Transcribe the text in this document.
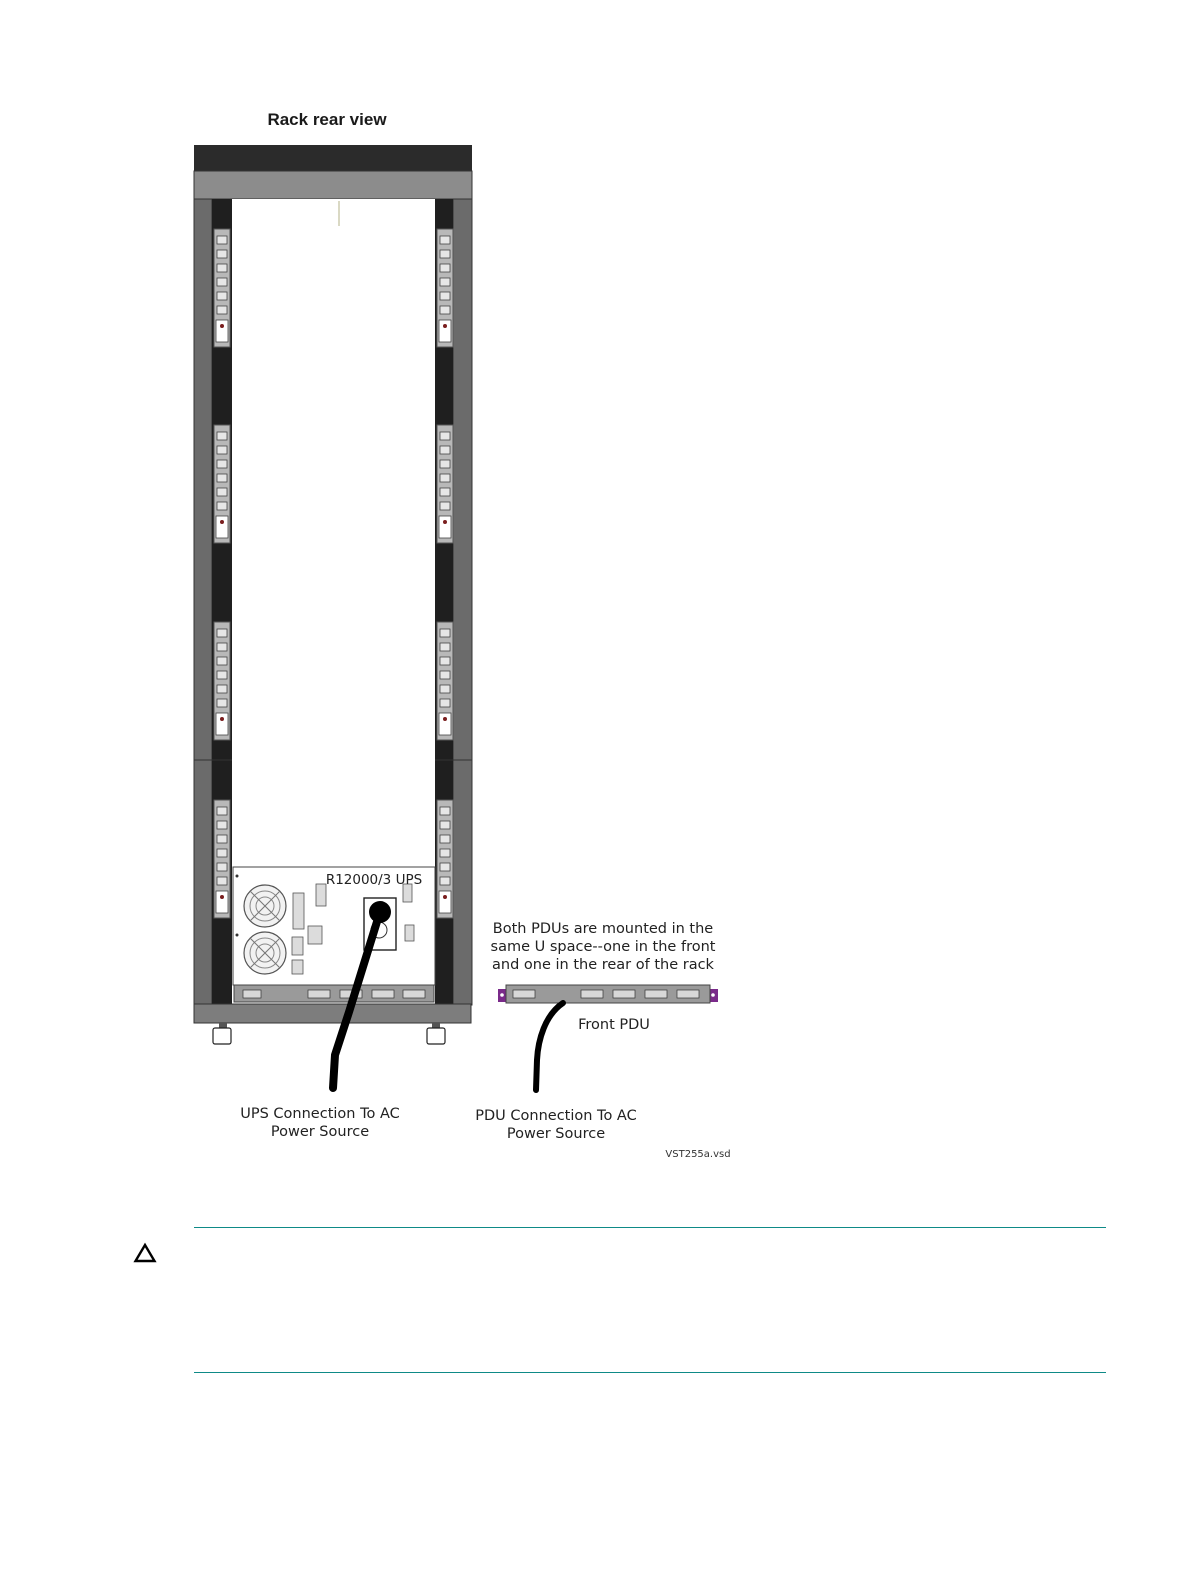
Rack rear view
R12000/3 UPS
Both PDUs are mounted in the
same U space--one in the front
and one in the rear of the rack
Front PDU
UPS Connection To AC
Power Source
PDU Connection To AC
Power Source
VST255a.vsd
